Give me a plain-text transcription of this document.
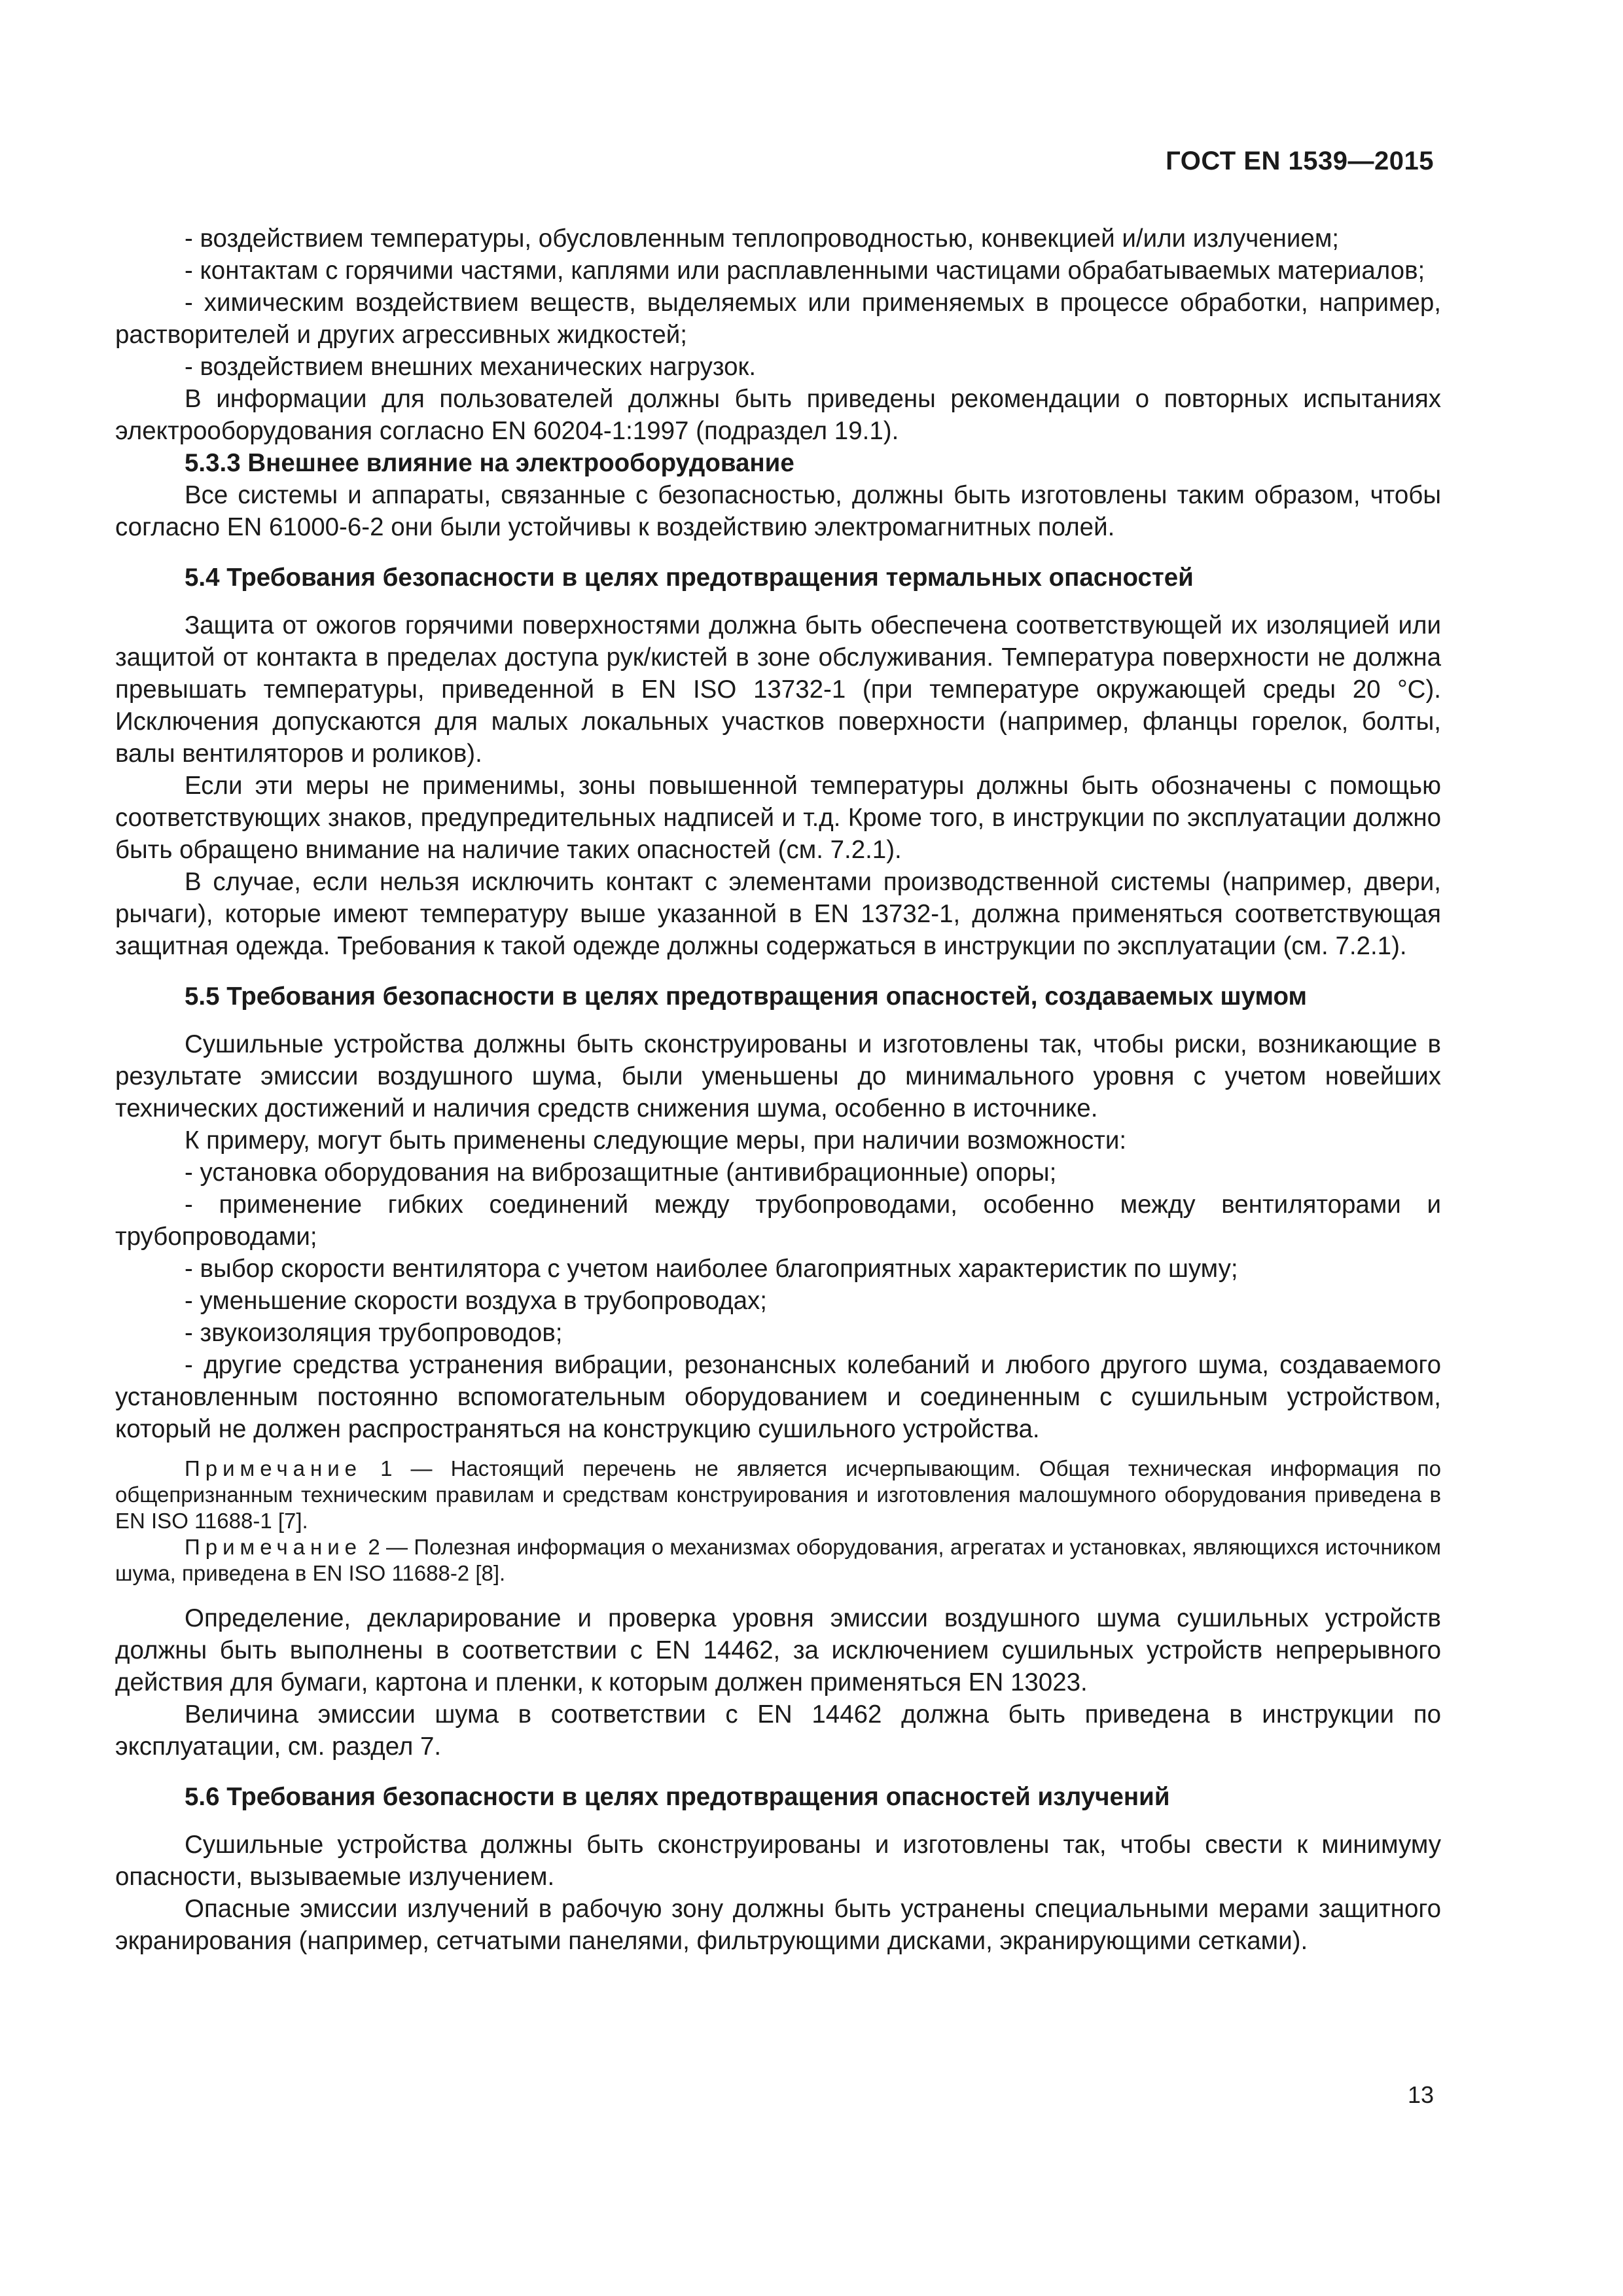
ГОСТ EN 1539—2015

- воздействием температуры, обусловленным теплопроводностью, конвекцией и/или излучением;

- контактам с горячими частями, каплями или расплавленными частицами обрабатываемых материалов;

- химическим воздействием веществ, выделяемых или применяемых в процессе обработки, например, растворителей и других агрессивных жидкостей;

- воздействием внешних механических нагрузок.

В информации для пользователей должны быть приведены рекомендации о повторных испытаниях электрооборудования согласно EN 60204-1:1997 (подраздел 19.1).

5.3.3 Внешнее влияние на электрооборудование

Все системы и аппараты, связанные с безопасностью, должны быть изготовлены таким образом, чтобы согласно EN 61000-6-2 они были устойчивы к воздействию электромагнитных полей.

5.4 Требования безопасности в целях предотвращения термальных опасностей

Защита от ожогов горячими поверхностями должна быть обеспечена соответствующей их изоляцией или защитой от контакта в пределах доступа рук/кистей в зоне обслуживания. Температура поверхности не должна превышать температуры, приведенной в EN ISO 13732-1 (при температуре окружающей среды 20 °С). Исключения допускаются для малых локальных участков поверхности (например, фланцы горелок, болты, валы вентиляторов и роликов).

Если эти меры не применимы, зоны повышенной температуры должны быть обозначены с помощью соответствующих знаков, предупредительных надписей и т.д. Кроме того, в инструкции по эксплуатации должно быть обращено внимание на наличие таких опасностей (см. 7.2.1).

В случае, если нельзя исключить контакт с элементами производственной системы (например, двери, рычаги), которые имеют температуру выше указанной в EN 13732-1, должна применяться соответствующая защитная одежда. Требования к такой одежде должны содержаться в инструкции по эксплуатации (см. 7.2.1).

5.5 Требования безопасности в целях предотвращения опасностей, создаваемых шумом

Сушильные устройства должны быть сконструированы и изготовлены так, чтобы риски, возникающие в результате эмиссии воздушного шума, были уменьшены до минимального уровня с учетом новейших технических достижений и наличия средств снижения шума, особенно в источнике.

К примеру, могут быть применены следующие меры, при наличии возможности:

- установка оборудования на виброзащитные (антивибрационные) опоры;

- применение гибких соединений между трубопроводами, особенно между вентиляторами и трубопроводами;

- выбор скорости вентилятора с учетом наиболее благоприятных характеристик по шуму;

- уменьшение скорости воздуха в трубопроводах;

- звукоизоляция трубопроводов;

- другие средства устранения вибрации, резонансных колебаний и любого другого шума, создаваемого установленным постоянно вспомогательным оборудованием и соединенным с сушильным устройством, который не должен распространяться на конструкцию сушильного устройства.

Примечание 1 — Настоящий перечень не является исчерпывающим. Общая техническая информация по общепризнанным техническим правилам и средствам конструирования и изготовления малошумного оборудования приведена в EN ISO 11688-1 [7].

Примечание 2 — Полезная информация о механизмах оборудования, агрегатах и установках, являющихся источником шума, приведена в EN ISO 11688-2 [8].

Определение, декларирование и проверка уровня эмиссии воздушного шума сушильных устройств должны быть выполнены в соответствии с EN 14462, за исключением сушильных устройств непрерывного действия для бумаги, картона и пленки, к которым должен применяться EN 13023.

Величина эмиссии шума в соответствии с EN 14462 должна быть приведена в инструкции по эксплуатации, см. раздел 7.

5.6 Требования безопасности в целях предотвращения опасностей излучений

Сушильные устройства должны быть сконструированы и изготовлены так, чтобы свести к минимуму опасности, вызываемые излучением.

Опасные эмиссии излучений в рабочую зону должны быть устранены специальными мерами защитного экранирования (например, сетчатыми панелями, фильтрующими дисками, экранирующими сетками).

13
